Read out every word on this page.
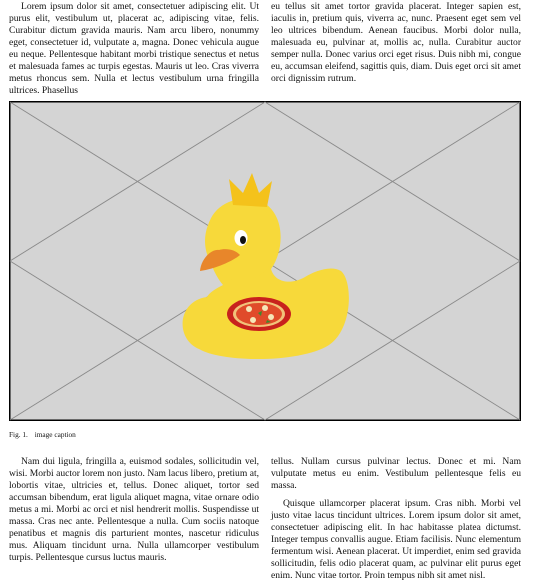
Lorem ipsum dolor sit amet, consectetuer adipiscing elit. Ut purus elit, vestibulum ut, placerat ac, adipiscing vitae, felis. Curabitur dictum gravida mauris. Nam arcu libero, nonummy eget, consectetuer id, vulputate a, magna. Donec vehicula augue eu neque. Pellentesque habitant morbi tristique senectus et netus et malesuada fames ac turpis egestas. Mauris ut leo. Cras viverra metus rhoncus sem. Nulla et lectus vestibulum urna fringilla ultrices. Phasellus

eu tellus sit amet tortor gravida placerat. Integer sapien est, iaculis in, pretium quis, viverra ac, nunc. Praesent eget sem vel leo ultrices bibendum. Aenean faucibus. Morbi dolor nulla, malesuada eu, pulvinar at, mollis ac, nulla. Curabitur auctor semper nulla. Donec varius orci eget risus. Duis nibh mi, congue eu, accumsan eleifend, sagittis quis, diam. Duis eget orci sit amet orci dignissim rutrum.

Fig. 1. image caption

Nam dui ligula, fringilla a, euismod sodales, sollicitudin vel, wisi. Morbi auctor lorem non justo. Nam lacus libero, pretium at, lobortis vitae, ultricies et, tellus. Donec aliquet, tortor sed accumsan bibendum, erat ligula aliquet magna, vitae ornare odio metus a mi. Morbi ac orci et nisl hendrerit mollis. Suspendisse ut massa. Cras nec ante. Pellentesque a nulla. Cum sociis natoque penatibus et magnis dis parturient montes, nascetur ridiculus mus. Aliquam tincidunt urna. Nulla ullamcorper vestibulum turpis. Pellentesque cursus luctus mauris.

tellus. Nullam cursus pulvinar lectus. Donec et mi. Nam vulputate metus eu enim. Vestibulum pellentesque felis eu massa.

Quisque ullamcorper placerat ipsum. Cras nibh. Morbi vel justo vitae lacus tincidunt ultrices. Lorem ipsum dolor sit amet, consectetuer adipiscing elit. In hac habitasse platea dictumst. Integer tempus convallis augue. Etiam facilisis. Nunc elementum fermentum wisi. Aenean placerat. Ut imperdiet, enim sed gravida sollicitudin, felis odio placerat quam, ac pulvinar elit purus eget enim. Nunc vitae tortor. Proin tempus nibh sit amet nisl.
